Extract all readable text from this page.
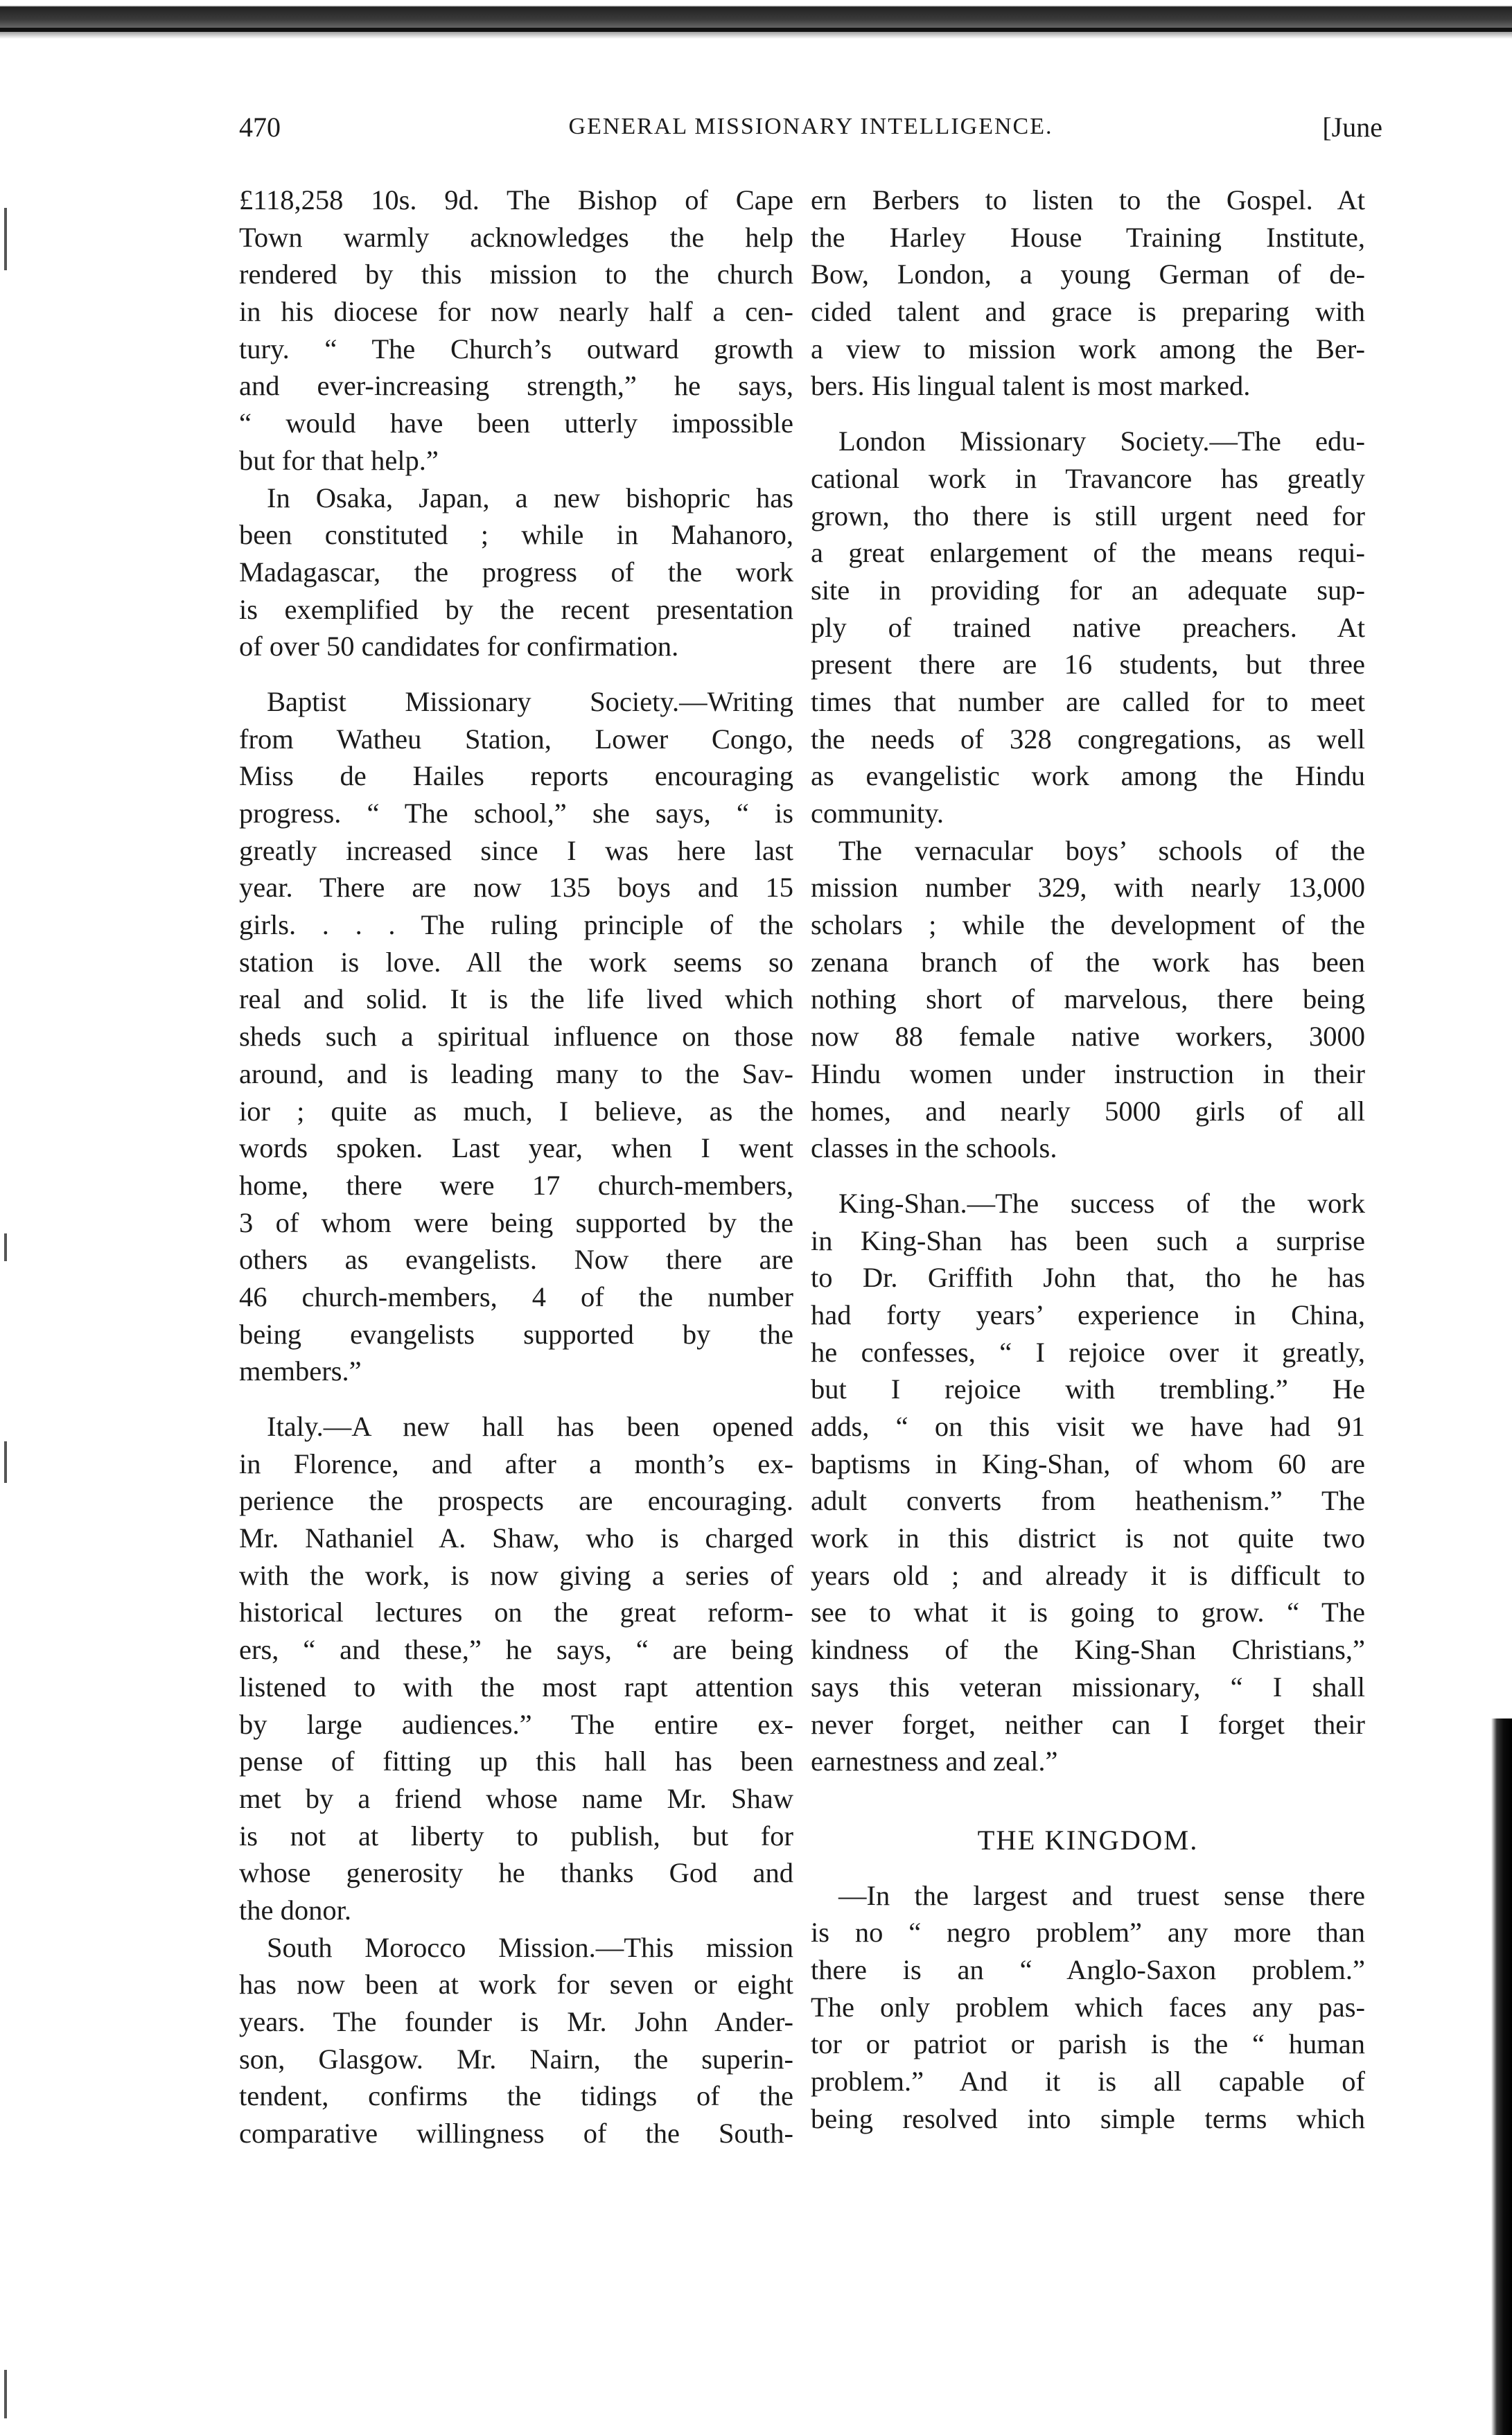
470	GENERAL MISSIONARY INTELLIGENCE.	[June
£118,258 10s. 9d. The Bishop of Cape
Town warmly acknowledges the help
rendered by this mission to the church
in his diocese for now nearly half a cen-
tury. “ The Church’s outward growth
and ever-increasing strength,” he says,
“ would have been utterly impossible
but for that help.”
In Osaka, Japan, a new bishopric has
been constituted ; while in Mahanoro,
Madagascar, the progress of the work
is exemplified by the recent presentation
of over 50 candidates for confirmation.
Baptist Missionary Society.—Writing
from Watheu Station, Lower Congo,
Miss de Hailes reports encouraging
progress. “ The school,” she says, “ is
greatly increased since I was here last
year. There are now 135 boys and 15
girls. . . . The ruling principle of the
station is love. All the work seems so
real and solid. It is the life lived which
sheds such a spiritual influence on those
around, and is leading many to the Sav-
ior ; quite as much, I believe, as the
words spoken. Last year, when I went
home, there were 17 church-members,
3 of whom were being supported by the
others as evangelists. Now there are
46 church-members, 4 of the number
being evangelists supported by the
members.”
Italy.—A new hall has been opened
in Florence, and after a month’s ex-
perience the prospects are encouraging.
Mr. Nathaniel A. Shaw, who is charged
with the work, is now giving a series of
historical lectures on the great reform-
ers, “ and these,” he says, “ are being
listened to with the most rapt attention
by large audiences.” The entire ex-
pense of fitting up this hall has been
met by a friend whose name Mr. Shaw
is not at liberty to publish, but for
whose generosity he thanks God and
the donor.
South Morocco Mission.—This mission
has now been at work for seven or eight
years. The founder is Mr. John Ander-
son, Glasgow. Mr. Nairn, the superin-
tendent, confirms the tidings of the
comparative willingness of the South-
ern Berbers to listen to the Gospel. At
the Harley House Training Institute,
Bow, London, a young German of de-
cided talent and grace is preparing with
a view to mission work among the Ber-
bers. His lingual talent is most marked.
London Missionary Society.—The edu-
cational work in Travancore has greatly
grown, tho there is still urgent need for
a great enlargement of the means requi-
site in providing for an adequate sup-
ply of trained native preachers. At
present there are 16 students, but three
times that number are called for to meet
the needs of 328 congregations, as well
as evangelistic work among the Hindu
community.
The vernacular boys’ schools of the
mission number 329, with nearly 13,000
scholars ; while the development of the
zenana branch of the work has been
nothing short of marvelous, there being
now 88 female native workers, 3000
Hindu women under instruction in their
homes, and nearly 5000 girls of all
classes in the schools.
King-Shan.—The success of the work
in King-Shan has been such a surprise
to Dr. Griffith John that, tho he has
had forty years’ experience in China,
he confesses, “ I rejoice over it greatly,
but I rejoice with trembling.” He
adds, “ on this visit we have had 91
baptisms in King-Shan, of whom 60 are
adult converts from heathenism.” The
work in this district is not quite two
years old ; and already it is difficult to
see to what it is going to grow. “ The
kindness of the King-Shan Christians,”
says this veteran missionary, “ I shall
never forget, neither can I forget their
earnestness and zeal.”
THE KINGDOM.
—In the largest and truest sense there
is no “ negro problem” any more than
there is an “ Anglo-Saxon problem.”
The only problem which faces any pas-
tor or patriot or parish is the “ human
problem.” And it is all capable of
being resolved into simple terms which
